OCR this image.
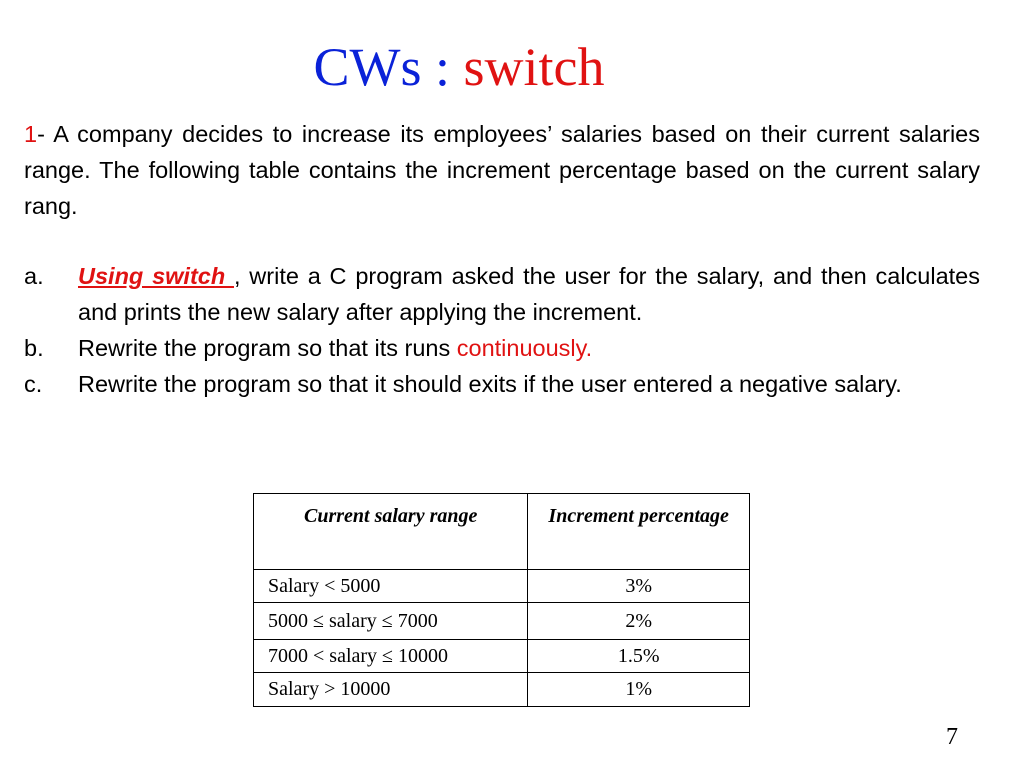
CWs : switch
1- A company decides to increase its employees’ salaries based on their current salaries range. The following table contains the increment percentage based on the current salary rang.
a. Using switch , write a C program asked the user for the salary, and then calculates and prints the new salary after applying the increment.
b. Rewrite the program so that its runs continuously.
c. Rewrite the program so that it should exits if the user entered a negative salary.
Current salary range	Increment percentage
Salary < 5000	3%
5000 ≤ salary ≤ 7000	2%
7000 < salary ≤ 10000	1.5%
Salary > 10000	1%
7
